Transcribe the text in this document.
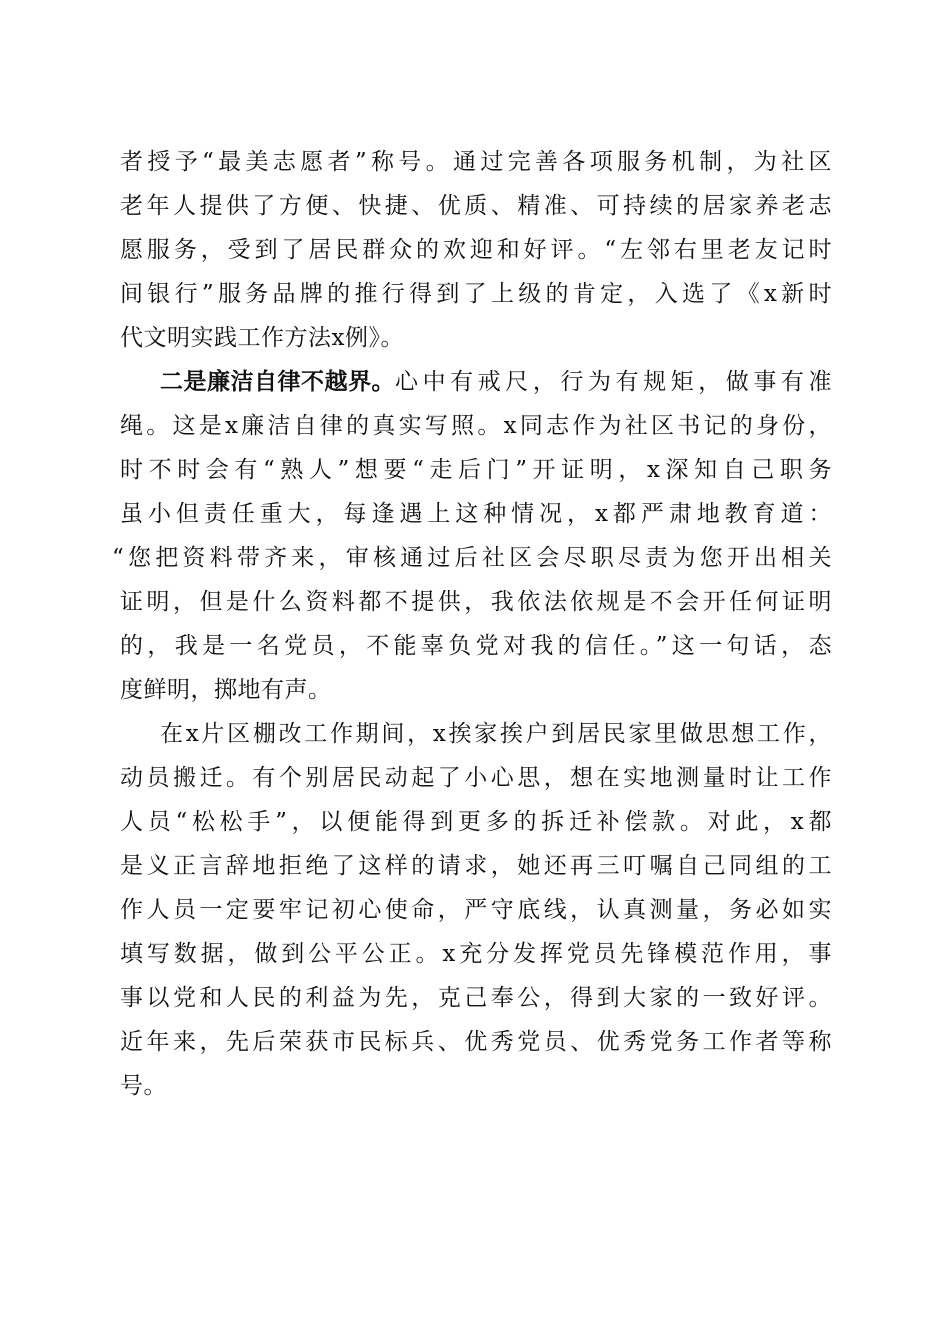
者授予“最美志愿者”称号。通过完善各项服务机制，为社区
老年人提供了方便、快捷、优质、精准、可持续的居家养老志
愿服务，受到了居民群众的欢迎和好评。“左邻右里老友记时
间银行”服务品牌的推行得到了上级的肯定，入选了《x新时
代文明实践工作方法x例》。
二是廉洁自律不越界。 心中有戒尺，行为有规矩，做事有准
绳。这是x廉洁自律的真实写照。x同志作为社区书记的身份，
时不时会有“熟人”想要“走后门”开证明，x深知自己职务
虽小但责任重大，每逢遇上这种情况，x都严肃地教育道：
“您把资料带齐来，审核通过后社区会尽职尽责为您开出相关
证明，但是什么资料都不提供，我依法依规是不会开任何证明
的，我是一名党员，不能辜负党对我的信任。”这一句话，态
度鲜明，掷地有声。
在x片区棚改工作期间，x挨家挨户到居民家里做思想工作，
动员搬迁。有个别居民动起了小心思，想在实地测量时让工作
人员“松松手”，以便能得到更多的拆迁补偿款。对此，x都
是义正言辞地拒绝了这样的请求，她还再三叮嘱自己同组的工
作人员一定要牢记初心使命，严守底线，认真测量，务必如实
填写数据，做到公平公正。x充分发挥党员先锋模范作用，事
事以党和人民的利益为先，克己奉公，得到大家的一致好评。
近年来，先后荣获市民标兵、优秀党员、优秀党务工作者等称
号。
